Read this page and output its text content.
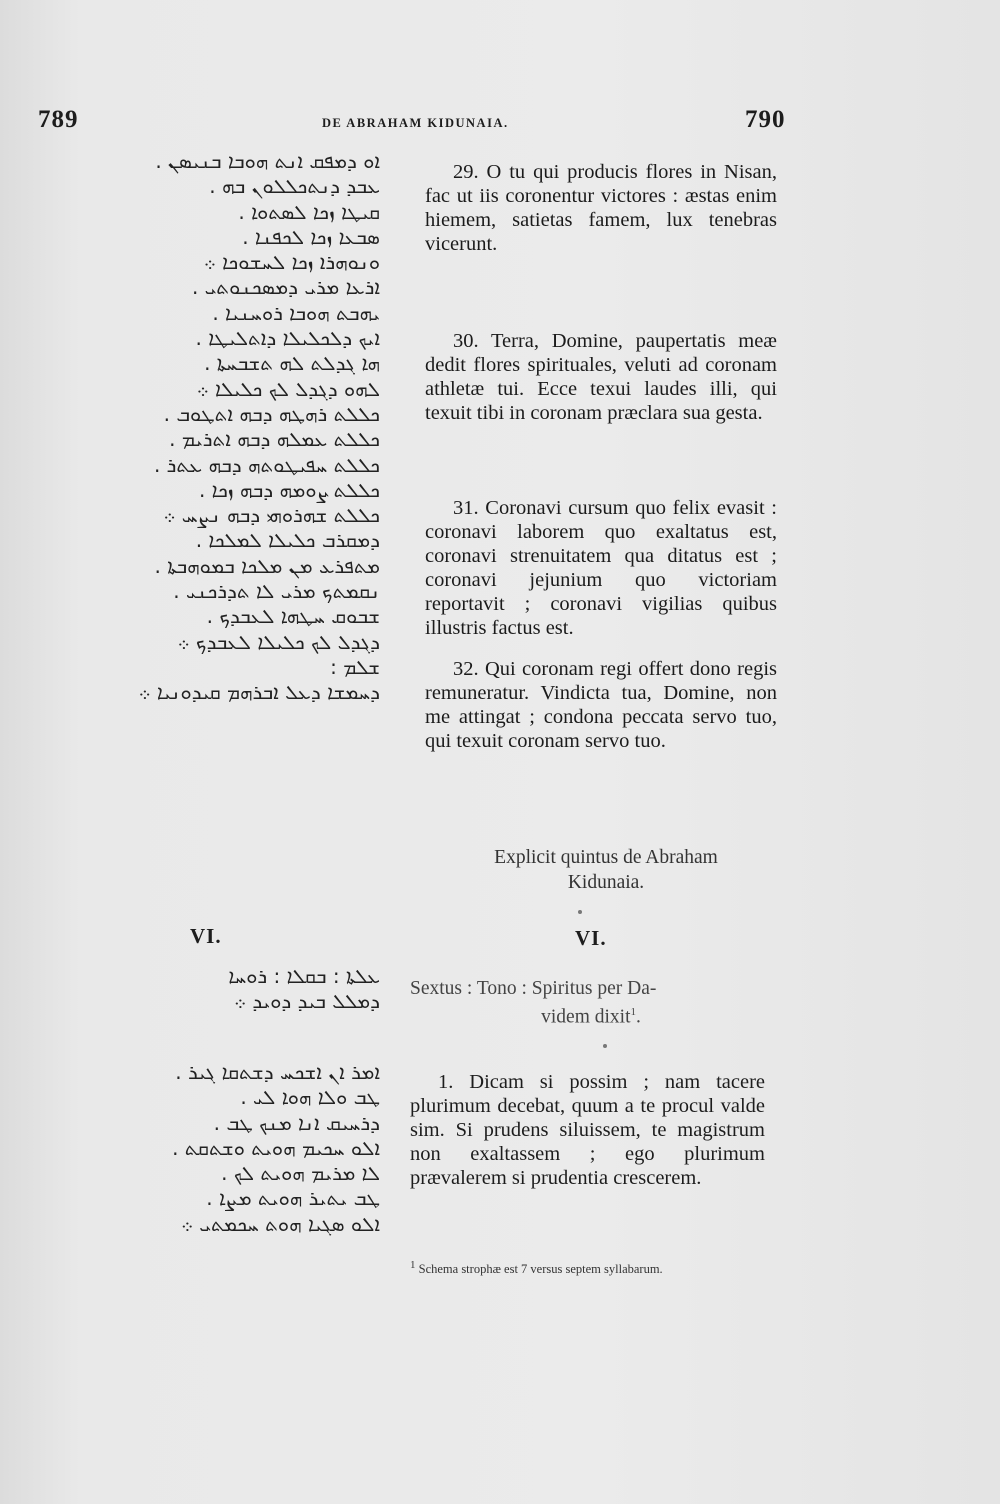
789	DE ABRAHAM KIDUNAIA.	790
ܐܘ ܕܡܦܩ ܐܢܬ ܗܘܒܐ ܒܢܝܣܢ .
ܥܒܕ ܕܢܬܟܠܠܘܢ ܒܗ .
ܩܝܛܐ ܙܟܐ ܠܣܬܘܐ .
ܣܒܥܐ ܙܟܐ ܠܟܦܢܐ .
ܘܢܘܗܪܐ ܙܟܐ ܠܚܫܘܟܐ ܀
ܐܪܥܐ ܡܪܝ ܕܡܣܟܢܘܬܝ .
ܝܗܒܬ ܗܘܒܐ ܪܘܚܢܝܐ .
ܐܝܟ ܕܠܟܠܝܠܐ ܕܐܬܠܝܛܐ .
ܗܐ ܓܕܠܬ ܠܗ ܬܫܒܚܬܐ .
ܠܗܘ ܕܓܕܠ ܠܟ ܟܠܝܠܐ ܀
ܟܠܠܬ ܪܗܛܗ ܕܒܗ ܐܬܛܘܒ .
ܟܠܠܬ ܥܡܠܗ ܕܒܗ ܐܬܪܝܡ .
ܟܠܠܬ ܚܦܝܛܘܬܗ ܕܒܗ ܥܬܪ .
ܟܠܠܬ ܨܘܡܗ ܕܒܗ ܙܟܐ .
ܟܠܠܬ ܫܗܪܘܗܝ ܕܒܗ ܢܨܚ ܀
ܕܡܩܪܒ ܟܠܝܠܐ ܠܡܠܟܐ .
ܡܬܦܪܥ ܡܢ ܡܠܟܐ ܒܡܘܗܒܬܐ .
ܢܩܡܬܟ ܡܪܝ ܠܐ ܬܕܪܟܢܝ .
ܫܒܘܩ ܚܛܗܐ ܠܥܒܕܟ .
ܕܓܕܠ ܠܟ ܟܠܝܠܐ ܠܥܒܕܟ ܀
ܫܠܡ :
ܕܚܡܫܐ ܕܥܠ ܐܒܪܗܡ ܩܝܕܘܢܝܐ ܀
VI.
ܥܠܬܐ : ܒܩܠܐ : ܪܘܚܐ
ܕܡܠܠ ܒܝܕ ܕܘܝܕ ܀
ܐܡܪ ܐܢ ܐܫܟܚ ܕܫܬܩܐ ܓܝܪ .
ܛܒ ܘܠܐ ܗܘܐ ܠܝ .
ܕܪܚܝܩ ܐܢܐ ܡܢܟ ܛܒ .
ܐܠܘ ܚܟܝܡ ܗܘܝܬ ܘܫܬܩܬ .
ܠܐ ܡܪܝܡ ܗܘܝܬ ܠܟ .
ܛܒ ܝܬܝܪ ܗܘܝܬ ܡܨܐ .
ܐܠܘ ܣܓܝܐ ܗܘܬ ܚܟܡܬܝ ܀

29. O tu qui producis flores in Nisan, fac ut iis coronentur victores : æstas enim hiemem, satietas famem, lux tenebras vicerunt.

30. Terra, Domine, paupertatis meæ dedit flores spirituales, veluti ad coronam athletæ tui. Ecce texui laudes illi, qui texuit tibi in coronam præclara sua gesta.

31. Coronavi cursum quo felix evasit : coronavi laborem quo exaltatus est, coronavi strenuitatem qua ditatus est ; coronavi jejunium quo victoriam reportavit ; coronavi vigilias quibus illustris factus est.

32. Qui coronam regi offert dono regis remuneratur. Vindicta tua, Domine, non me attingat ; condona peccata servo tuo, qui texuit coronam servo tuo.

Explicit quintus de Abraham
Kidunaia.
VI.
Sextus : Tono : Spiritus per Da-
videm dixit$^1$.

1. Dicam si possim ; nam tacere plurimum decebat, quum a te procul valde sim. Si prudens siluissem, te magistrum non exaltassem ; ego plurimum prævalerem si prudentia crescerem.

$^1$ Schema strophæ est 7 versus septem syllabarum.
